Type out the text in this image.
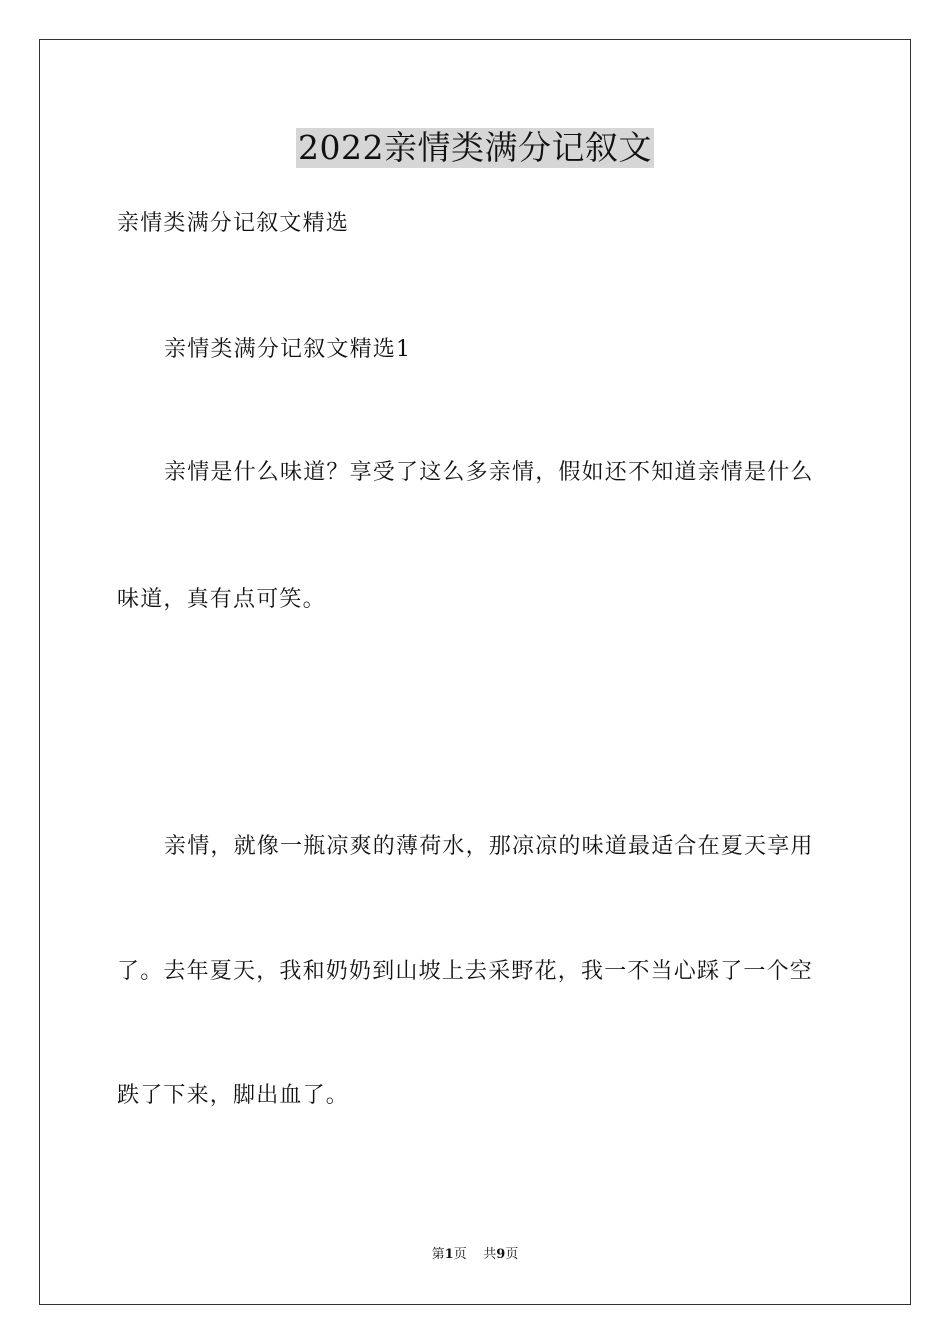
2022亲情类满分记叙文
亲情类满分记叙文精选
亲情类满分记叙文精选1
亲情是什么味道？享受了这么多亲情，假如还不知道亲情是什么
味道，真有点可笑。
亲情，就像一瓶凉爽的薄荷水，那凉凉的味道最适合在夏天享用
了。去年夏天，我和奶奶到山坡上去采野花，我一不当心踩了一个空
跌了下来，脚出血了。
第1页 共9页
